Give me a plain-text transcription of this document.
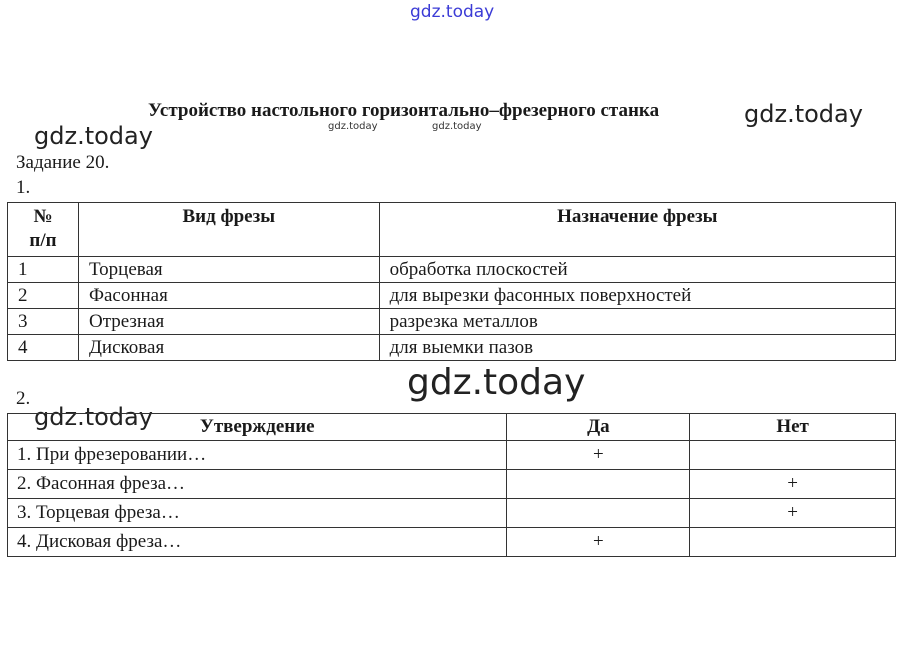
gdz.today
Устройство настольного горизонтально–фрезерного станка	gdz.today
gdz.today	gdz.today
gdz.today
Задание 20.
1.
№ п/п	Вид фрезы	Назначение фрезы
1	Торцевая	обработка плоскостей
2	Фасонная	для вырезки фасонных поверхностей
3	Отрезная	разрезка металлов
4	Дисковая	для выемки пазов
gdz.today
2.
gdz.today Утверждение	Да	Нет
1. При фрезеровании…	+	
2. Фасонная фреза…		+
3. Торцевая фреза…		+
4. Дисковая фреза…	+	
